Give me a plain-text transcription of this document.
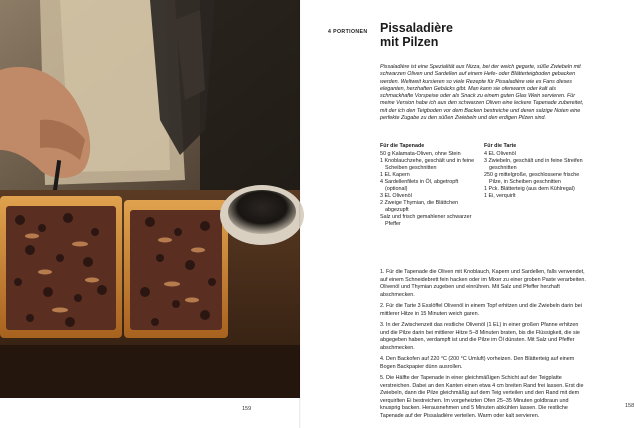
159
4 PORTIONEN Pissaladière
mit Pilzen

Pissaladière ist eine Spezialität aus Nizza, bei der weich gegarte, süße Zwiebeln mit schwarzen Oliven und Sardellen auf einem Hefe- oder Blätterteigboden gebacken werden. Weltweit kursieren so viele Rezepte für Pissaladière wie es Fans dieses eleganten, herzhaften Gebäcks gibt. Man kann sie ofenwarm oder kalt als schmackhafte Vorspeise oder als Snack zu einem guten Glas Wein servieren. Für meine Version habe ich aus den schwarzen Oliven eine leckere Tapenade zubereitet, mit der ich den Teigboden vor dem Backen bestreiche und deren salzige Noten eine perfekte Zugabe zu den süßen Zwiebeln und den erdigen Pilzen sind.

Für die Tapenade
50 g Kalamata-Oliven, ohne Stein
1 Knoblauchzehe, geschält und in feine Scheiben geschnitten
1 EL Kapern
4 Sardellenfilets in Öl, abgetropft (optional)
3 EL Olivenöl
2 Zweige Thymian, die Blättchen abgezupft
Salz und frisch gemahlener schwarzer Pfeffer
Für die Tarte
4 EL Olivenöl
3 Zwiebeln, geschält und in feine Streifen geschnitten
250 g mittelgroße, geschlossene frische Pilze, in Scheiben geschnitten
1 Pck. Blätterteig (aus dem Kühlregal)
1 Ei, verquirlt

1. Für die Tapenade die Oliven mit Knoblauch, Kapern und Sardellen, falls verwendet, auf einem Schneidebrett fein hacken oder im Mixer zu einer groben Paste verarbeiten. Olivenöl und Thymian zugeben und einrühren. Mit Salz und Pfeffer herzhaft abschmecken.

2. Für die Tarte 3 Esslöffel Olivenöl in einem Topf erhitzen und die Zwiebeln darin bei mittlerer Hitze in 15 Minuten weich garen.

3. In der Zwischenzeit das restliche Olivenöl (1 EL) in einer großen Pfanne erhitzen und die Pilze darin bei mittlerer Hitze 5–8 Minuten braten, bis die Flüssigkeit, die sie abgegeben haben, verdampft ist und die Pilze im Öl dünsten. Mit Salz und Pfeffer abschmecken.

4. Den Backofen auf 220 °C (200 °C Umluft) vorheizen. Den Blätterteig auf einem Bogen Backpapier dünn ausrollen.

5. Die Hälfte der Tapenade in einer gleichmäßigen Schicht auf der Teigplatte verstreichen. Dabei an den Kanten einen etwa 4 cm breiten Rand frei lassen. Erst die Zwiebeln, dann die Pilze gleichmäßig auf dem Teig verteilen und den Rand mit dem verquirlten Ei bestreichen. Im vorgeheizten Ofen 25–35 Minuten goldbraun und knusprig backen. Herausnehmen und 5 Minuten abkühlen lassen. Die restliche Tapenade auf der Pissaladière verteilen. Warm oder kalt servieren.

158
